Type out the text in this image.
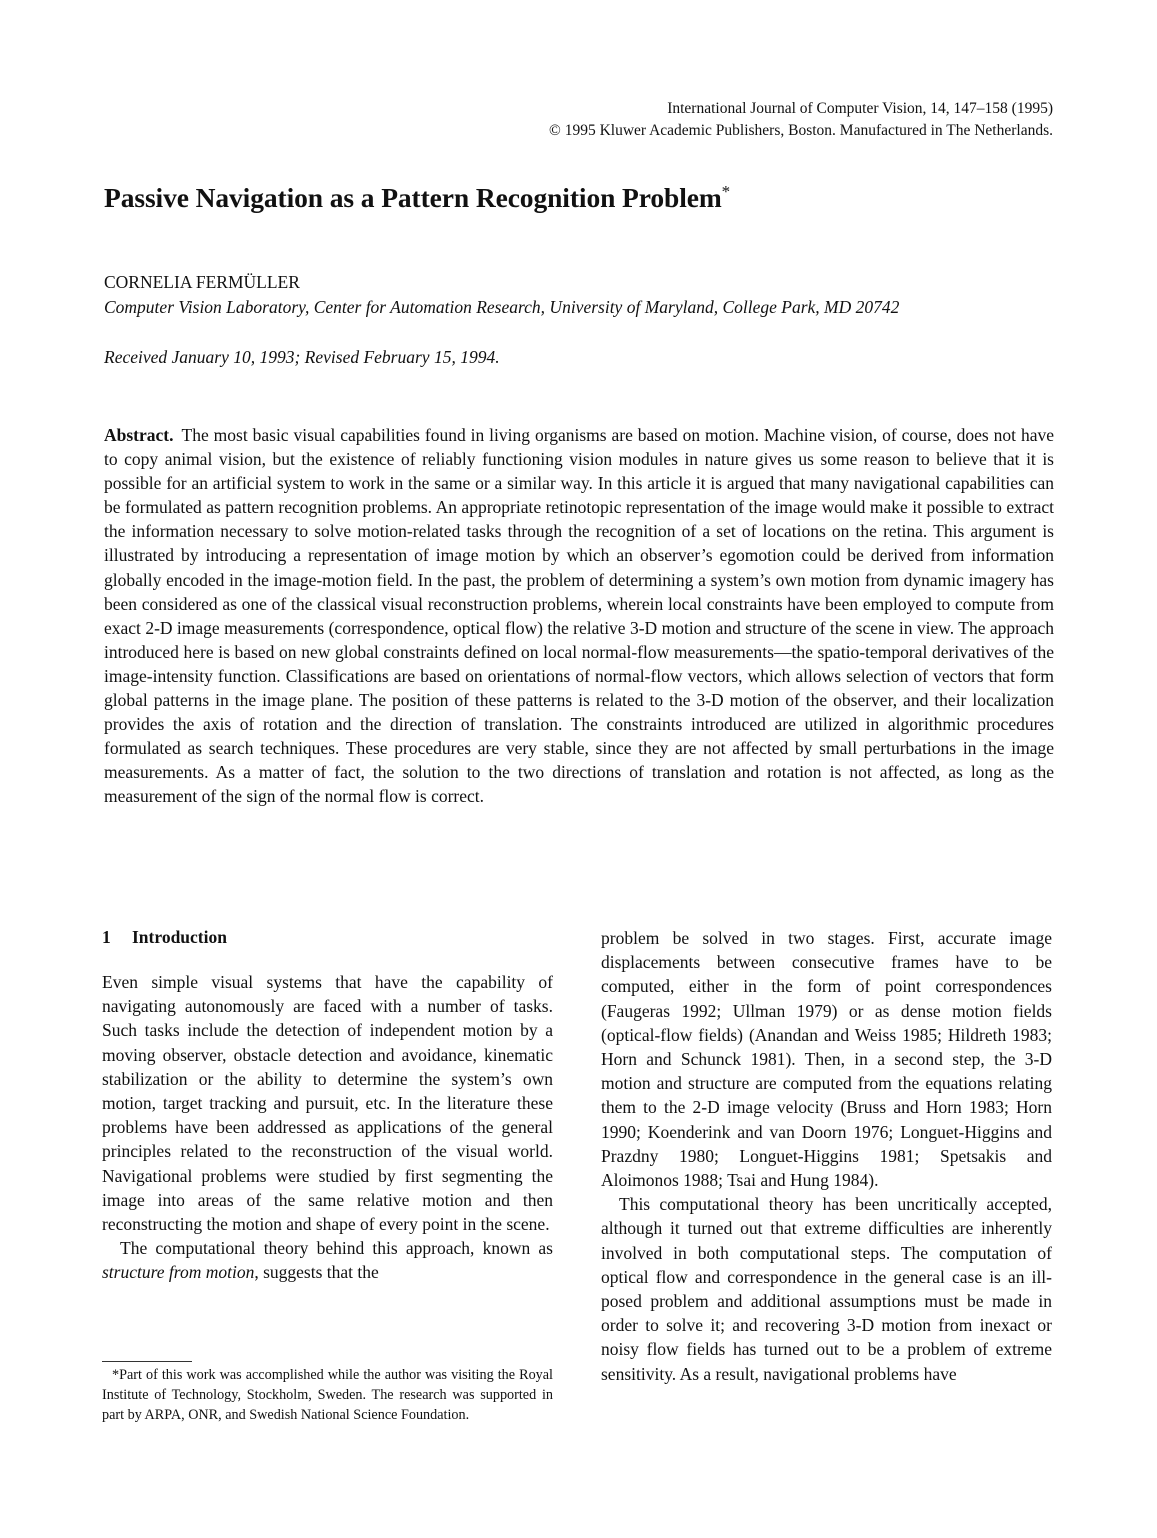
International Journal of Computer Vision, 14, 147–158 (1995)
© 1995 Kluwer Academic Publishers, Boston. Manufactured in The Netherlands.
Passive Navigation as a Pattern Recognition Problem*
CORNELIA FERMÜLLER
Computer Vision Laboratory, Center for Automation Research, University of Maryland, College Park, MD 20742
Received January 10, 1993; Revised February 15, 1994.

Abstract. The most basic visual capabilities found in living organisms are based on motion. Machine vision, of course, does not have to copy animal vision, but the existence of reliably functioning vision modules in nature gives us some reason to believe that it is possible for an artificial system to work in the same or a similar way. In this article it is argued that many navigational capabilities can be formulated as pattern recognition problems. An appropriate retinotopic representation of the image would make it possible to extract the information necessary to solve motion-related tasks through the recognition of a set of locations on the retina. This argument is illustrated by introducing a representation of image motion by which an observer’s egomotion could be derived from information globally encoded in the image-motion field. In the past, the problem of determining a system’s own motion from dynamic imagery has been considered as one of the classical visual reconstruction problems, wherein local constraints have been employed to compute from exact 2-D image measurements (correspondence, optical flow) the relative 3-D motion and structure of the scene in view. The approach introduced here is based on new global constraints defined on local normal-flow measurements—the spatio-temporal derivatives of the image-intensity function. Classifications are based on orientations of normal-flow vectors, which allows selection of vectors that form global patterns in the image plane. The position of these patterns is related to the 3-D motion of the observer, and their localization provides the axis of rotation and the direction of translation. The constraints introduced are utilized in algorithmic procedures formulated as search techniques. These procedures are very stable, since they are not affected by small perturbations in the image measurements. As a matter of fact, the solution to the two directions of translation and rotation is not affected, as long as the measurement of the sign of the normal flow is correct.

1 Introduction

Even simple visual systems that have the capability of navigating autonomously are faced with a number of tasks. Such tasks include the detection of independent motion by a moving observer, obstacle detection and avoidance, kinematic stabilization or the ability to determine the system’s own motion, target tracking and pursuit, etc. In the literature these problems have been addressed as applications of the general principles related to the reconstruction of the visual world. Navigational problems were studied by first segmenting the image into areas of the same relative motion and then reconstructing the motion and shape of every point in the scene.

The computational theory behind this approach, known as structure from motion, suggests that the

problem be solved in two stages. First, accurate image displacements between consecutive frames have to be computed, either in the form of point correspondences (Faugeras 1992; Ullman 1979) or as dense motion fields (optical-flow fields) (Anandan and Weiss 1985; Hildreth 1983; Horn and Schunck 1981). Then, in a second step, the 3-D motion and structure are computed from the equations relating them to the 2-D image velocity (Bruss and Horn 1983; Horn 1990; Koenderink and van Doorn 1976; Longuet-Higgins and Prazdny 1980; Longuet-Higgins 1981; Spetsakis and Aloimonos 1988; Tsai and Hung 1984).

This computational theory has been uncritically accepted, although it turned out that extreme difficulties are inherently involved in both computational steps. The computation of optical flow and correspondence in the general case is an ill-posed problem and additional assumptions must be made in order to solve it; and recovering 3-D motion from inexact or noisy flow fields has turned out to be a problem of extreme sensitivity. As a result, navigational problems have

*Part of this work was accomplished while the author was visiting the Royal Institute of Technology, Stockholm, Sweden. The research was supported in part by ARPA, ONR, and Swedish National Science Foundation.
